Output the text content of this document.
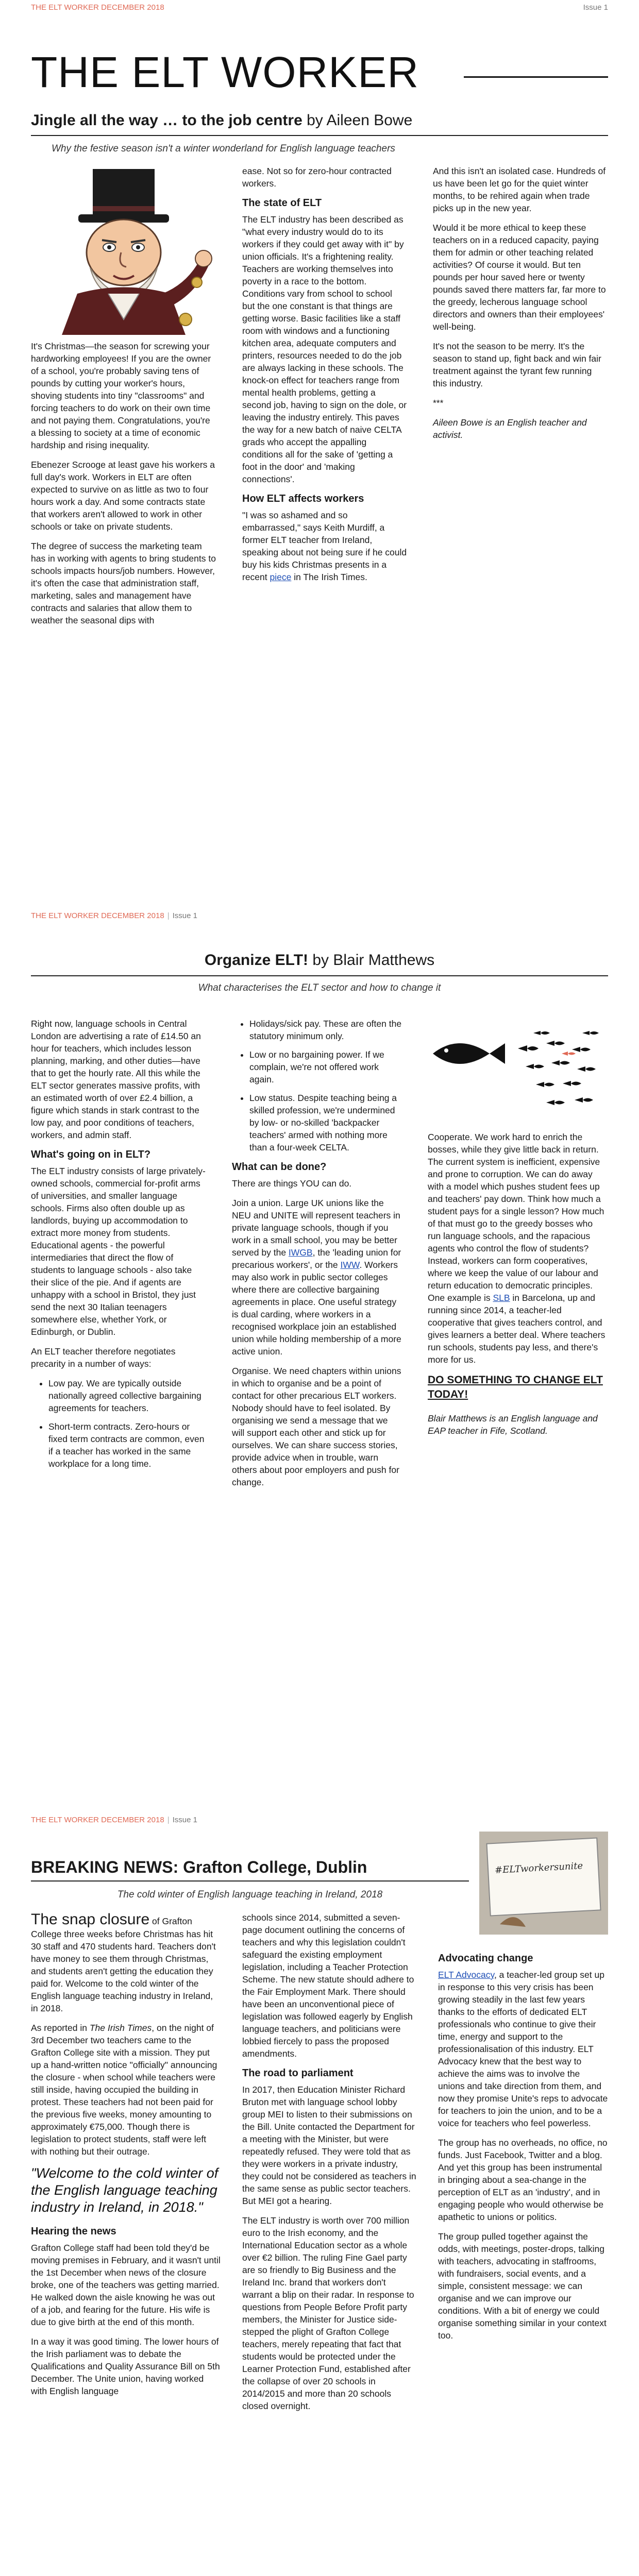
THE ELT WORKER DECEMBER 2018	Issue 1
THE ELT WORKER
Jingle all the way … to the job centre by Aileen Bowe
Why the festive season isn't a winter wonderland for English language teachers

It's Christmas—the season for screwing your hardworking employees! If you are the owner of a school, you're probably saving tens of pounds by cutting your worker's hours, shoving students into tiny "classrooms" and forcing teachers to do work on their own time and not paying them. Congratulations, you're a blessing to society at a time of economic hardship and rising inequality.

Ebenezer Scrooge at least gave his workers a full day's work. Workers in ELT are often expected to survive on as little as two to four hours work a day. And some contracts state that workers aren't allowed to work in other schools or take on private students.

The degree of success the marketing team has in working with agents to bring students to schools impacts hours/job numbers. However, it's often the case that administration staff, marketing, sales and management have contracts and salaries that allow them to weather the seasonal dips with

ease. Not so for zero-hour contracted workers.

The state of ELT

The ELT industry has been described as "what every industry would do to its workers if they could get away with it" by union officials. It's a frightening reality. Teachers are working themselves into poverty in a race to the bottom. Conditions vary from school to school but the one constant is that things are getting worse. Basic facilities like a staff room with windows and a functioning kitchen area, adequate computers and printers, resources needed to do the job are always lacking in these schools. The knock-on effect for teachers range from mental health problems, getting a second job, having to sign on the dole, or leaving the industry entirely. This paves the way for a new batch of naive CELTA grads who accept the appalling conditions all for the sake of 'getting a foot in the door' and 'making connections'.

How ELT affects workers

"I was so ashamed and so embarrassed," says Keith Murdiff, a former ELT teacher from Ireland, speaking about not being sure if he could buy his kids Christmas presents in a recent piece in The Irish Times.

And this isn't an isolated case. Hundreds of us have been let go for the quiet winter months, to be rehired again when trade picks up in the new year.

Would it be more ethical to keep these teachers on in a reduced capacity, paying them for admin or other teaching related activities? Of course it would. But ten pounds per hour saved here or twenty pounds saved there matters far, far more to the greedy, lecherous language school directors and owners than their employees' well-being.

It's not the season to be merry. It's the season to stand up, fight back and win fair treatment against the tyrant few running this industry.

***

Aileen Bowe is an English teacher and activist.

THE ELT WORKER DECEMBER 2018 | Issue 1
Organize ELT! by Blair Matthews
What characterises the ELT sector and how to change it

Right now, language schools in Central London are advertising a rate of £14.50 an hour for teachers, which includes lesson planning, marking, and other duties—have that to get the hourly rate. All this while the ELT sector generates massive profits, with an estimated worth of over £2.4 billion, a figure which stands in stark contrast to the low pay, and poor conditions of teachers, workers, and admin staff.

What's going on in ELT?

The ELT industry consists of large privately-owned schools, commercial for-profit arms of universities, and smaller language schools. Firms also often double up as landlords, buying up accommodation to extract more money from students. Educational agents - the powerful intermediaries that direct the flow of students to language schools - also take their slice of the pie. And if agents are unhappy with a school in Bristol, they just send the next 30 Italian teenagers somewhere else, whether York, or Edinburgh, or Dublin.

An ELT teacher therefore negotiates precarity in a number of ways:

• Low pay. We are typically outside nationally agreed collective bargaining agreements for teachers.
• Short-term contracts. Zero-hours or fixed term contracts are common, even if a teacher has worked in the same workplace for a long time.
• Holidays/sick pay. These are often the statutory minimum only.
• Low or no bargaining power. If we complain, we're not offered work again.
• Low status. Despite teaching being a skilled profession, we're undermined by low- or no-skilled 'backpacker teachers' armed with nothing more than a four-week CELTA.
What can be done?

There are things YOU can do.

Join a union. Large UK unions like the NEU and UNITE will represent teachers in private language schools, though if you work in a small school, you may be better served by the IWGB, the 'leading union for precarious workers', or the IWW. Workers may also work in public sector colleges where there are collective bargaining agreements in place. One useful strategy is dual carding, where workers in a recognised workplace join an established union while holding membership of a more active union.

Organise. We need chapters within unions in which to organise and be a point of contact for other precarious ELT workers. Nobody should have to feel isolated. By organising we send a message that we will support each other and stick up for ourselves. We can share success stories, provide advice when in trouble, warn others about poor employers and push for change.

Cooperate. We work hard to enrich the bosses, while they give little back in return. The current system is inefficient, expensive and prone to corruption. We can do away with a model which pushes student fees up and teachers' pay down. Think how much a student pays for a single lesson? How much of that must go to the greedy bosses who run language schools, and the rapacious agents who control the flow of students? Instead, workers can form cooperatives, where we keep the value of our labour and return education to democratic principles. One example is SLB in Barcelona, up and running since 2014, a teacher-led cooperative that gives teachers control, and gives learners a better deal. Where teachers run schools, students pay less, and there's more for us.

DO SOMETHING TO CHANGE ELT TODAY!

Blair Matthews is an English language and EAP teacher in Fife, Scotland.

THE ELT WORKER DECEMBER 2018 | Issue 1
BREAKING NEWS: Grafton College, Dublin
The cold winter of English language teaching in Ireland, 2018
#ELTworkersunite

The snap closure of Grafton College three weeks before Christmas has hit 30 staff and 470 students hard. Teachers don't have money to see them through Christmas, and students aren't getting the education they paid for. Welcome to the cold winter of the English language teaching industry in Ireland, in 2018.

As reported in The Irish Times, on the night of 3rd December two teachers came to the Grafton College site with a mission. They put up a hand-written notice "officially" announcing the closure - when school while teachers were still inside, having occupied the building in protest. These teachers had not been paid for the previous five weeks, money amounting to approximately €75,000. Though there is legislation to protect students, staff were left with nothing but their outrage.

"Welcome to the cold winter of the English language teaching industry in Ireland, in 2018."
Hearing the news

Grafton College staff had been told they'd be moving premises in February, and it wasn't until the 1st December when news of the closure broke, one of the teachers was getting married. He walked down the aisle knowing he was out of a job, and fearing for the future. His wife is due to give birth at the end of this month.

In a way it was good timing. The lower hours of the Irish parliament was to debate the Qualifications and Quality Assurance Bill on 5th December. The Unite union, having worked with English language

schools since 2014, submitted a seven-page document outlining the concerns of teachers and why this legislation couldn't safeguard the existing employment legislation, including a Teacher Protection Scheme. The new statute should adhere to the Fair Employment Mark. There should have been an unconventional piece of legislation was followed eagerly by English language teachers, and politicians were lobbied fiercely to pass the proposed amendments.

The road to parliament

In 2017, then Education Minister Richard Bruton met with language school lobby group MEI to listen to their submissions on the Bill. Unite contacted the Department for a meeting with the Minister, but were repeatedly refused. They were told that as they were workers in a private industry, they could not be considered as teachers in the same sense as public sector teachers. But MEI got a hearing.

The ELT industry is worth over 700 million euro to the Irish economy, and the International Education sector as a whole over €2 billion. The ruling Fine Gael party are so friendly to Big Business and the Ireland Inc. brand that workers don't warrant a blip on their radar. In response to questions from People Before Profit party members, the Minister for Justice side-stepped the plight of Grafton College teachers, merely repeating that fact that students would be protected under the Learner Protection Fund, established after the collapse of over 20 schools in 2014/2015 and more than 20 schools closed overnight.

Advocating change

ELT Advocacy, a teacher-led group set up in response to this very crisis has been growing steadily in the last few years thanks to the efforts of dedicated ELT professionals who continue to give their time, energy and support to the professionalisation of this industry. ELT Advocacy knew that the best way to achieve the aims was to involve the unions and take direction from them, and now they promise Unite's reps to advocate for teachers to join the union, and to be a voice for teachers who feel powerless.

The group has no overheads, no office, no funds. Just Facebook, Twitter and a blog. And yet this group has been instrumental in bringing about a sea-change in the perception of ELT as an 'industry', and in engaging people who would otherwise be apathetic to unions or politics.

The group pulled together against the odds, with meetings, poster-drops, talking with teachers, advocating in staffrooms, with fundraisers, social events, and a simple, consistent message: we can organise and we can improve our conditions. With a bit of energy we could organise something similar in your context too.
